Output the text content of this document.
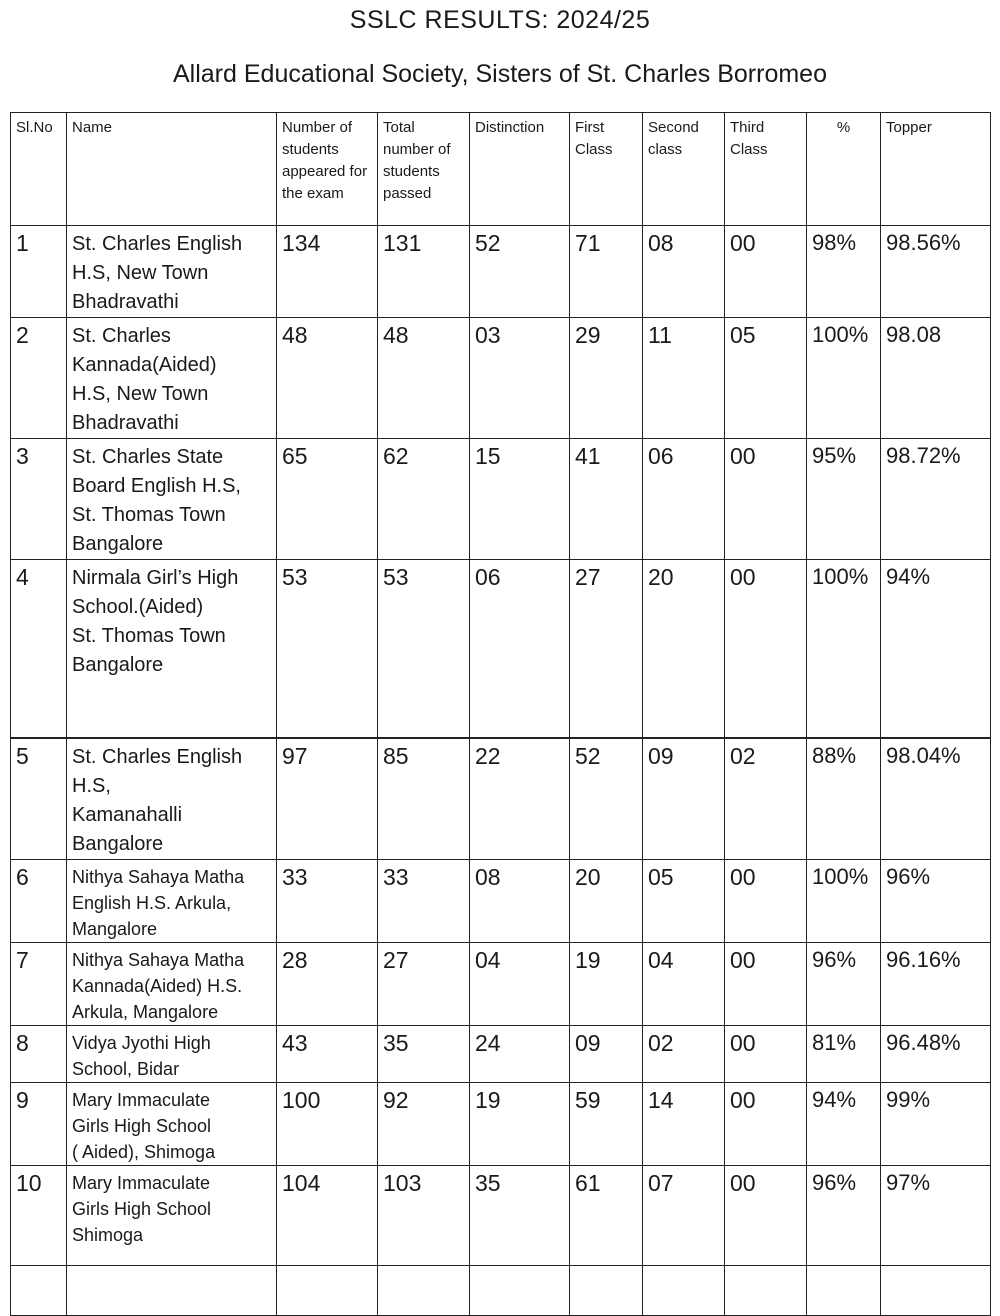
SSLC RESULTS: 2024/25
Allard Educational Society, Sisters of St. Charles Borromeo
Sl.No	Name	Number of students appeared for the exam	Total number of students passed	Distinction	First Class	Second class	Third Class	%	Topper
1	St. Charles English
H.S, New Town
Bhadravathi	134	131	52	71	08	00	98%	98.56%
2	St. Charles
Kannada(Aided)
H.S, New Town
Bhadravathi	48	48	03	29	11	05	100%	98.08
3	St. Charles State
Board English H.S,
St. Thomas Town
Bangalore	65	62	15	41	06	00	95%	98.72%
4	Nirmala Girl’s High
School.(Aided)
St. Thomas Town
Bangalore	53	53	06	27	20	00	100%	94%
5	St. Charles English
H.S,
Kamanahalli
Bangalore	97	85	22	52	09	02	88%	98.04%
6	Nithya Sahaya Matha
English H.S. Arkula,
Mangalore	33	33	08	20	05	00	100%	96%
7	Nithya Sahaya Matha
Kannada(Aided) H.S.
Arkula, Mangalore	28	27	04	19	04	00	96%	96.16%
8	Vidya Jyothi High
School, Bidar	43	35	24	09	02	00	81%	96.48%
9	Mary Immaculate
Girls High School
( Aided), Shimoga	100	92	19	59	14	00	94%	99%
10	Mary Immaculate
Girls High School
Shimoga	104	103	35	61	07	00	96%	97%
